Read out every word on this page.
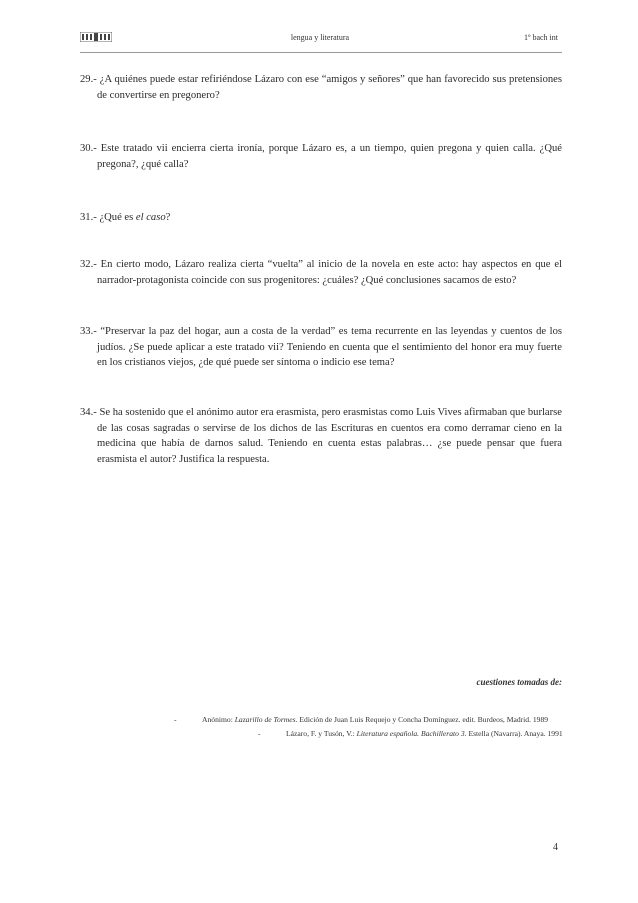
lengua y literatura	1º bach int

29.- ¿A quiénes puede estar refiriéndose Lázaro con ese “amigos y señores” que han favorecido sus pretensiones de convertirse en pregonero?

30.- Este tratado vii encierra cierta ironía, porque Lázaro es, a un tiempo, quien pregona y quien calla. ¿Qué pregona?, ¿qué calla?

31.- ¿Qué es el caso?

32.- En cierto modo, Lázaro realiza cierta “vuelta” al inicio de la novela en este acto: hay aspectos en que el narrador-protagonista coincide con sus progenitores: ¿cuáles? ¿Qué conclusiones sacamos de esto?

33.- “Preservar la paz del hogar, aun a costa de la verdad” es tema recurrente en las leyendas y cuentos de los judíos. ¿Se puede aplicar a este tratado vii? Teniendo en cuenta que el sentimiento del honor era muy fuerte en los cristianos viejos, ¿de qué puede ser síntoma o indicio ese tema?

34.- Se ha sostenido que el anónimo autor era erasmista, pero erasmistas como Luis Vives afirmaban que burlarse de las cosas sagradas o servirse de los dichos de las Escrituras en cuentos era como derramar cieno en la medicina que había de darnos salud. Teniendo en cuenta estas palabras… ¿se puede pensar que fuera erasmista el autor? Justifica la respuesta.

cuestiones tomadas de:
-	Anónimo: Lazarillo de Tormes. Edición de Juan Luis Requejo y Concha Domínguez. edit. Burdeos, Madrid. 1989
-	Lázaro, F. y Tusón, V.: Literatura española. Bachillerato 3. Estella (Navarra). Anaya. 1991
4
